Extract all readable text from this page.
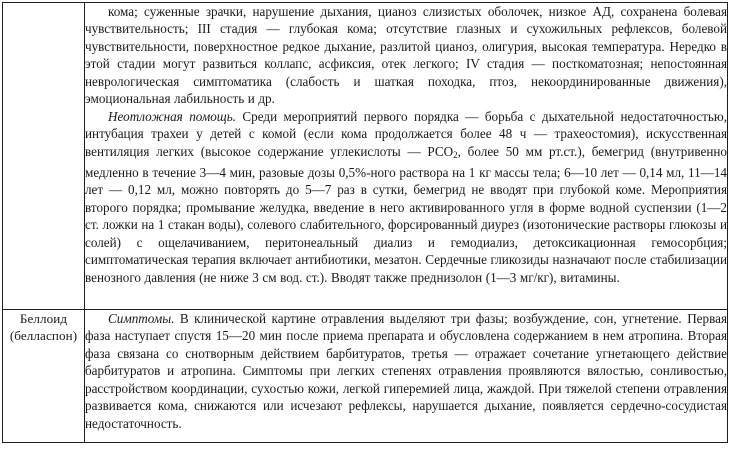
	кома; суженные зрачки, нарушение дыхания, цианоз слизистых оболочек, низкое АД, сохранена болевая чувствительность; III стадия — глубокая кома; отсутствие глазных и сухожильных рефлексов, болевой чувствительности, поверхностное редкое дыхание, разлитой цианоз, олигурия, высокая температура. Нередко в этой стадии могут развиться коллапс, асфиксия, отек легкого; IV стадия — посткоматозная; непостоянная неврологическая симптоматика (слабость и шаткая походка, птоз, некоординированные движения), эмоциональная лабильность и др.

Неотложная помощь. Среди мероприятий первого порядка — борьба с дыхательной недостаточностью, интубация трахеи у детей с комой (если кома продолжается более 48 ч — трахеостомия), искусственная вентиляция легких (высокое содержание углекислоты — $РСО_2$, более 50 мм рт.ст.), бемегрид (внутривенно медленно в течение 3—4 мин, разовые дозы 0,5%-ного раствора на 1 кг массы тела; 6—10 лет — 0,14 мл, 11—14 лет — 0,12 мл, можно повторять до 5—7 раз в сутки, бемегрид не вводят при глубокой коме. Мероприятия второго порядка; промывание желудка, введение в него активированного угля в форме водной суспензии (1—2 ст. ложки на 1 стакан воды), солевого слабительного, форсированный диурез (изотонические растворы глюкозы и солей) с ощелачиванием, перитонеальный диализ и гемодиализ, детоксикационная гемосорбция; симптоматическая терапия включает антибиотики, мезатон. Сердечные гликозиды назначают после стабилизации венозного давления (не ниже 3 см вод. ст.). Вводят также преднизолон (1—3 мг/кг), витамины.

Беллоид
(белласпон)	Симптомы. В клинической картине отравления выделяют три фазы; возбуждение, сон, угнетение. Первая фаза наступает спустя 15—20 мин после приема препарата и обусловлена содержанием в нем атропина. Вторая фаза связана со снотворным действием барбитуратов, третья — отражает сочетание угнетающего действие барбитуратов и атропина. Симптомы при легких степенях отравления проявляются вялостью, сонливостью, расстройством координации, сухостью кожи, легкой гиперемией лица, жаждой. При тяжелой степени отравления развивается кома, снижаются или исчезают рефлексы, нарушается дыхание, появляется сердечно-сосудистая недостаточность.
